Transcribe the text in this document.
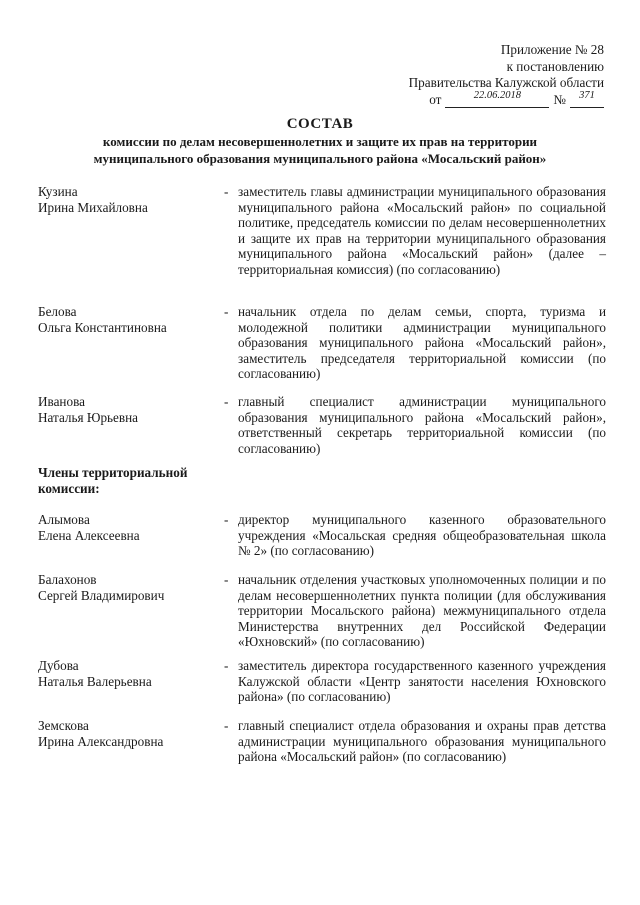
Приложение № 28
к постановлению
Правительства Калужской области
от	$^{22.06.2018}$	№	$^{371}$
СОСТАВ
комиссии по делам несовершеннолетних и защите их прав на территории
муниципального образования муниципального района «Мосальский район»
Кузина
Ирина Михайловна
- заместитель главы администрации муниципального образования муниципального района «Мосальский район» по социальной политике, председатель комиссии по делам несовершеннолетних и защите их прав на территории муниципального образования муниципального района «Мосальский район» (далее – территориальная комиссия) (по согласованию)
Белова
Ольга Константиновна
- начальник отдела по делам семьи, спорта, туризма и молодежной политики администрации муниципального образования муниципального района «Мосальский район», заместитель председателя территориальной комиссии (по согласованию)
Иванова
Наталья Юрьевна
- главный специалист администрации муниципального образования муниципального района «Мосальский район», ответственный секретарь территориальной комиссии (по согласованию)
Члены территориальной комиссии:
Алымова
Елена Алексеевна
- директор муниципального казенного образовательного учреждения «Мосальская средняя общеобразовательная школа № 2» (по согласованию)
Балахонов
Сергей Владимирович
- начальник отделения участковых уполномоченных полиции и по делам несовершеннолетних пункта полиции (для обслуживания территории Мосальского района) межмуниципального отдела Министерства внутренних дел Российской Федерации «Юхновский» (по согласованию)
Дубова
Наталья Валерьевна
- заместитель директора государственного казенного учреждения Калужской области «Центр занятости населения Юхновского района» (по согласованию)
Земскова
Ирина Александровна
- главный специалист отдела образования и охраны прав детства администрации муниципального образования муниципального района «Мосальский район» (по согласованию)
